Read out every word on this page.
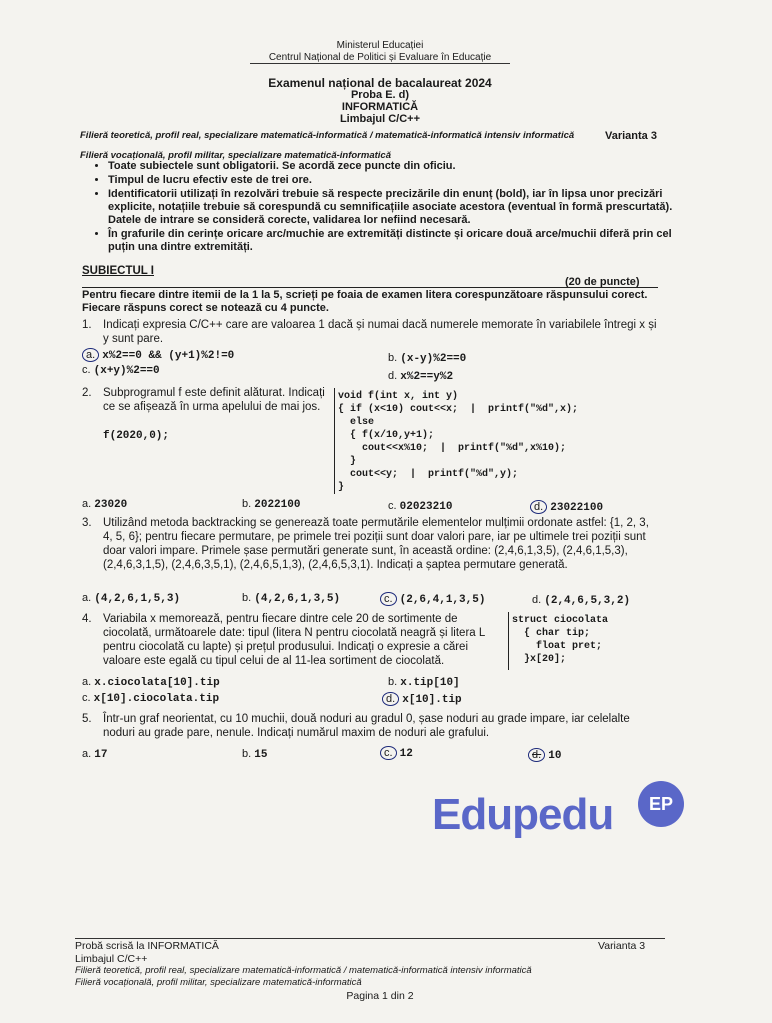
Ministerul Educației
Centrul Național de Politici și Evaluare în Educație
Examenul național de bacalaureat 2024
Proba E. d)
INFORMATICĂ
Limbajul C/C++
Filieră teoretică, profil real, specializare matematică-informatică / matematică-informatică intensiv informatică	Varianta 3
Filieră vocațională, profil militar, specializare matematică-informatică
• Toate subiectele sunt obligatorii. Se acordă zece puncte din oficiu.
• Timpul de lucru efectiv este de trei ore.
• Identificatorii utilizați în rezolvări trebuie să respecte precizările din enunț (bold), iar în lipsa unor precizări explicite, notațiile trebuie să corespundă cu semnificațiile asociate acestora (eventual în formă prescurtată). Datele de intrare se consideră corecte, validarea lor nefiind necesară.
• În grafurile din cerințe oricare arc/muchie are extremități distincte și oricare două arce/muchii diferă prin cel puțin una dintre extremități.
SUBIECTUL I
(20 de puncte)
Pentru fiecare dintre itemii de la 1 la 5, scrieți pe foaia de examen litera corespunzătoare răspunsului corect. Fiecare răspuns corect se notează cu 4 puncte.
1. Indicați expresia C/C++ care are valoarea 1 dacă și numai dacă numerele memorate în variabilele întregi x și y sunt pare.
a. x%2==0 && (y+1)%2!=0	b. (x-y)%2==0
c. (x+y)%2==0	d. x%2==y%2
2. Subprogramul f este definit alăturat. Indicați ce se afișează în urma apelului de mai jos.
f(2020,0);
void f(int x, int y)
{ if (x<10) cout<<x;  |  printf("%d",x);
else
{ f(x/10,y+1);
cout<<x%10;  |  printf("%d",x%10);
}
cout<<y;  |  printf("%d",y);
}
a. 23020	b. 2022100	c. 02023210	d. 23022100
3. Utilizând metoda backtracking se generează toate permutările elementelor mulțimii ordonate astfel: {1, 2, 3, 4, 5, 6}; pentru fiecare permutare, pe primele trei poziții sunt doar valori pare, iar pe ultimele trei poziții sunt doar valori impare. Primele șase permutări generate sunt, în această ordine: (2,4,6,1,3,5), (2,4,6,1,5,3), (2,4,6,3,1,5), (2,4,6,3,5,1), (2,4,6,5,1,3), (2,4,6,5,3,1). Indicați a șaptea permutare generată.
a. (4,2,6,1,5,3)	b. (4,2,6,1,3,5)	c. (2,6,4,1,3,5)	d. (2,4,6,5,3,2)
4. Variabila x memorează, pentru fiecare dintre cele 20 de sortimente de ciocolată, următoarele date: tipul (litera N pentru ciocolată neagră și litera L pentru ciocolată cu lapte) și prețul produsului. Indicați o expresie a cărei valoare este egală cu tipul celui de al 11-lea sortiment de ciocolată.
struct ciocolata
{ char tip;
float pret;
}x[20];
a. x.ciocolata[10].tip	b. x.tip[10]
c. x[10].ciocolata.tip	d. x[10].tip
5. Într-un graf neorientat, cu 10 muchii, două noduri au gradul 0, șase noduri au grade impare, iar celelalte noduri au grade pare, nenule. Indicați numărul maxim de noduri ale grafului.
a. 17	b. 15	c. 12	d. 10
Edupedu	EP
Probă scrisă la INFORMATICĂ	Varianta 3
Limbajul C/C++
Filieră teoretică, profil real, specializare matematică-informatică / matematică-informatică intensiv informatică
Filieră vocațională, profil militar, specializare matematică-informatică
Pagina 1 din 2
